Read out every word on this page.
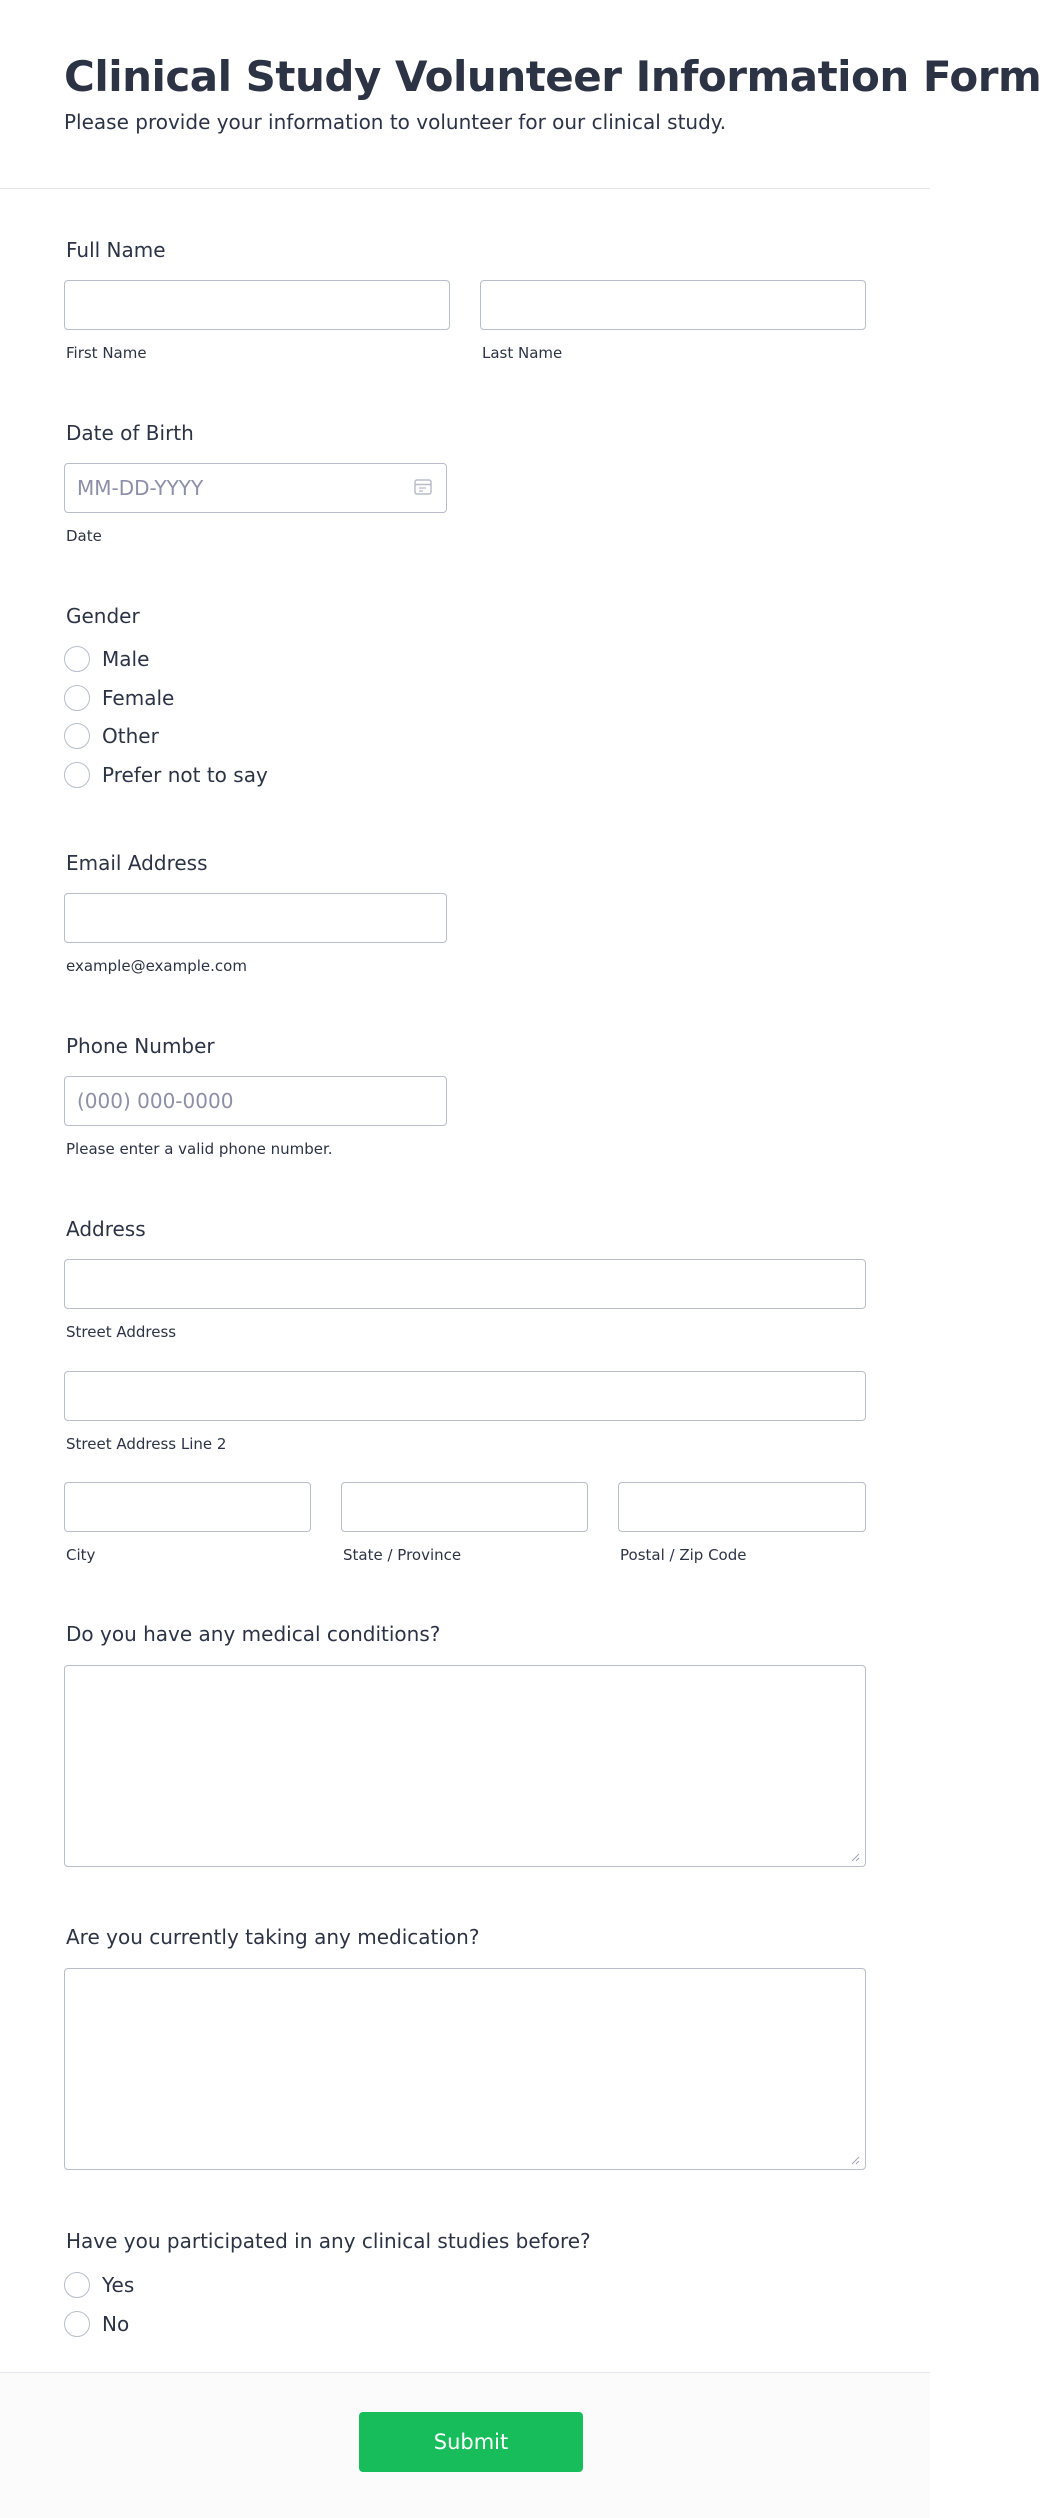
Clinical Study Volunteer Information Form

Please provide your information to volunteer for our clinical study.

Full Name
First Name	Last Name
Date of Birth
MM-DD-YYYY
Date
Gender
Male
Female
Other
Prefer not to say
Email Address
example@example.com
Phone Number
(000) 000-0000
Please enter a valid phone number.
Address
Street Address
Street Address Line 2
City	State / Province	Postal / Zip Code
Do you have any medical conditions?
Are you currently taking any medication?
Have you participated in any clinical studies before?
Yes
No
Submit
